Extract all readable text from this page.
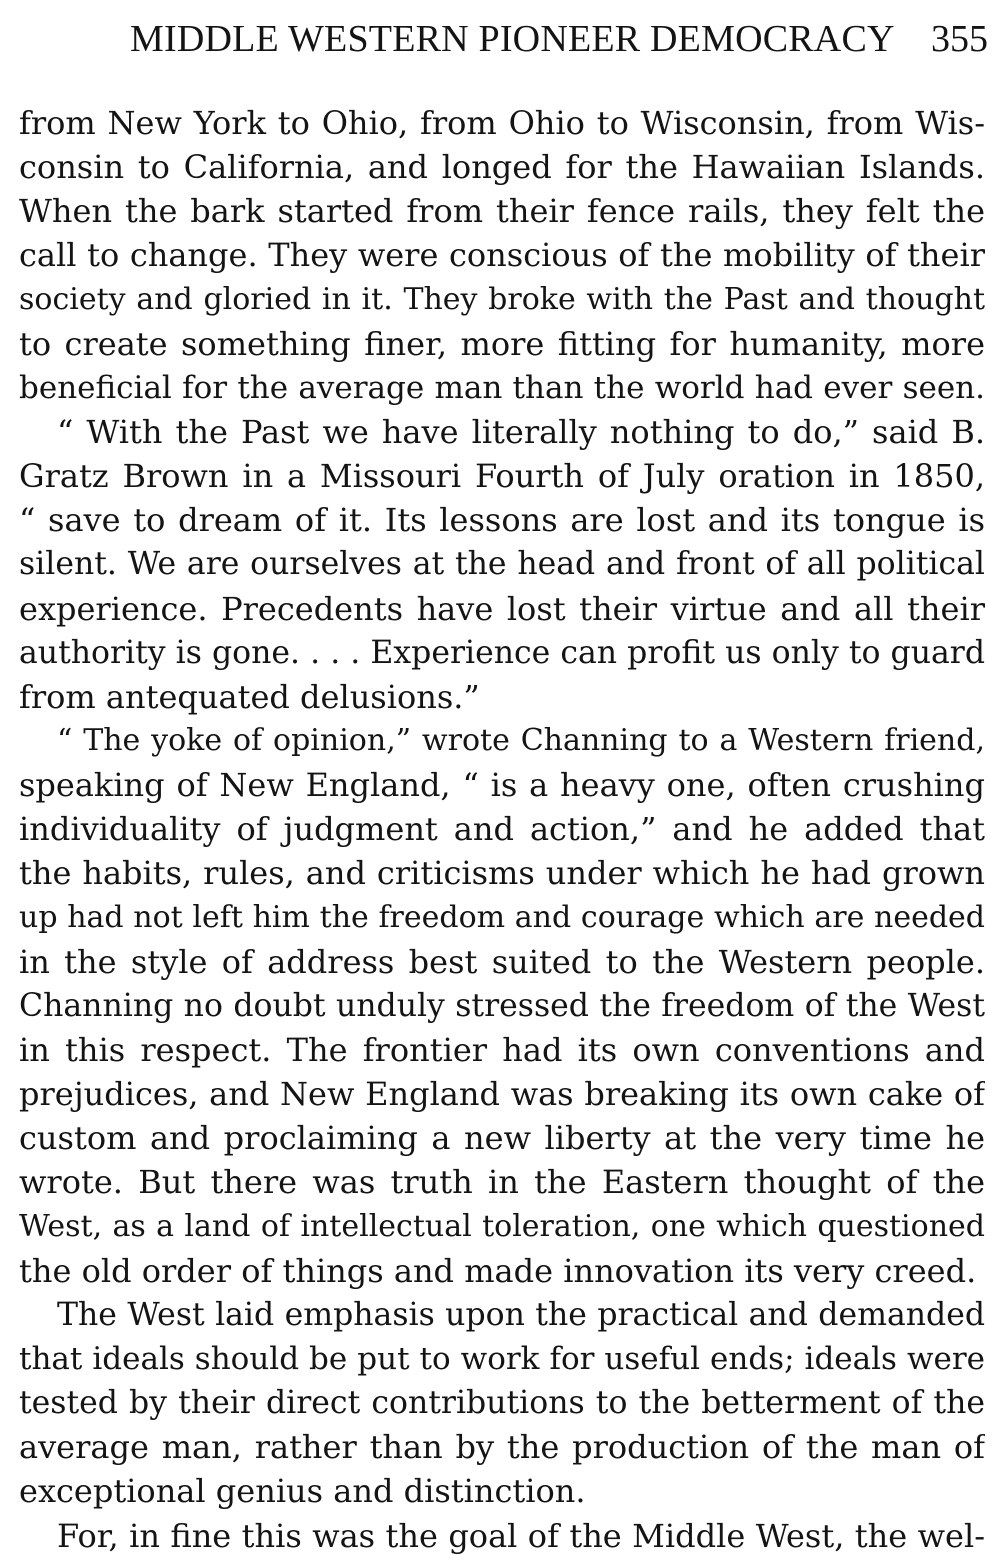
MIDDLE WESTERN PIONEER DEMOCRACY 355
from New York to Ohio, from Ohio to Wisconsin, from Wis‑
consin to California, and longed for the Hawaiian Islands.
When the bark started from their fence rails, they felt the
call to change. They were conscious of the mobility of their
society and gloried in it. They broke with the Past and thought
to create something finer, more fitting for humanity, more
beneficial for the average man than the world had ever seen.
“ With the Past we have literally nothing to do,” said B.
Gratz Brown in a Missouri Fourth of July oration in 1850,
“ save to dream of it. Its lessons are lost and its tongue is
silent. We are ourselves at the head and front of all political
experience. Precedents have lost their virtue and all their
authority is gone. . . . Experience can profit us only to guard
from antequated delusions.”
“ The yoke of opinion,” wrote Channing to a Western friend,
speaking of New England, “ is a heavy one, often crushing
individuality of judgment and action,” and he added that
the habits, rules, and criticisms under which he had grown
up had not left him the freedom and courage which are needed
in the style of address best suited to the Western people.
Channing no doubt unduly stressed the freedom of the West
in this respect. The frontier had its own conventions and
prejudices, and New England was breaking its own cake of
custom and proclaiming a new liberty at the very time he
wrote. But there was truth in the Eastern thought of the
West, as a land of intellectual toleration, one which questioned
the old order of things and made innovation its very creed.
The West laid emphasis upon the practical and demanded
that ideals should be put to work for useful ends; ideals were
tested by their direct contributions to the betterment of the
average man, rather than by the production of the man of
exceptional genius and distinction.
For, in fine this was the goal of the Middle West, the wel‑
